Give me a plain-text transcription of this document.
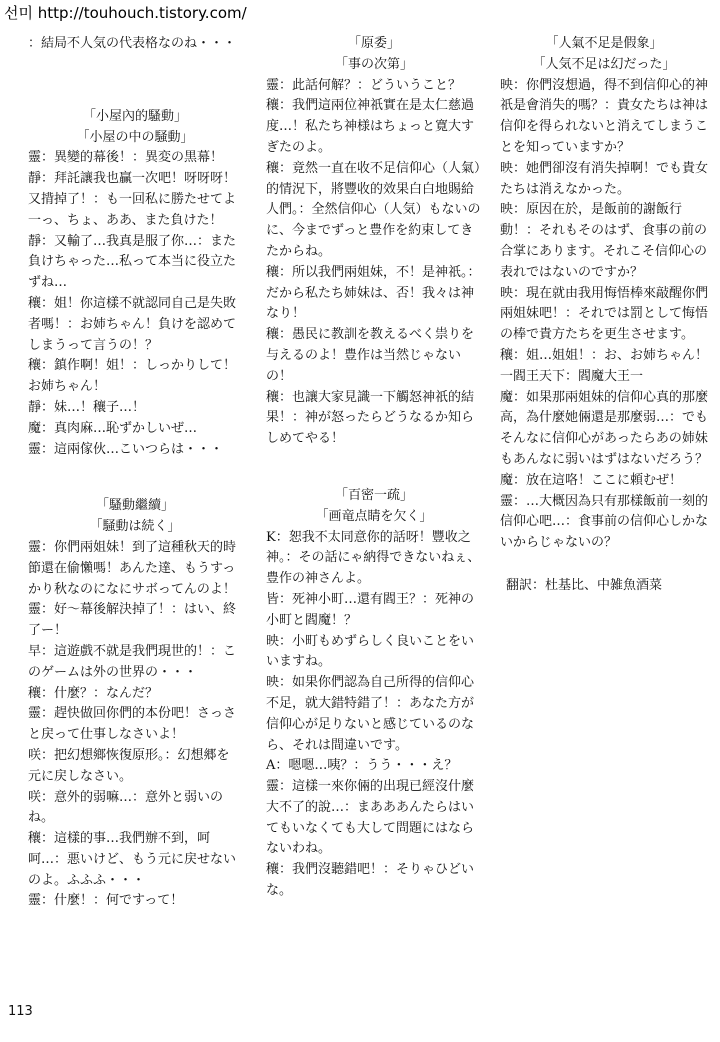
선미 http://touhouch.tistory.com/

：結局不人気の代表格なのね・・・

「小屋內的騷動」

「小屋の中の騒動」

靈：異變的幕後！：異変の黒幕！

靜：拜託讓我也贏一次吧！呀呀呀！又揹掉了！：も一回私に勝たせてよ一っ、ちょ、ああ、また負けた！

靜：又輸了…我真是服了你…：また負けちゃった…私って本当に役立たずね…

穰：姐！你這樣不就認同自己是失敗者嗎！：お姉ちゃん！負けを認めてしまうって言うの！？

穰：鎮作啊！姐！：しっかりして！お姉ちゃん！

靜：妹…！穰子…！

魔：真肉麻…恥ずかしいぜ…

靈：這兩傢伙…こいつらは・・・

「騷動繼續」

「騒動は続く」

靈：你們兩姐妹！到了這種秋天的時節還在偷懶嗎！あんた達、もうすっかり秋なのになにサボってんのよ！

靈：好～幕後解決掉了！：はい、終了ー！

早：這遊戲不就是我們現世的！：このゲームは外の世界の・・・

穰：什麼？：なんだ？

靈：趕快做回你們的本份吧！さっさと戻って仕事しなさいよ！

咲：把幻想鄉恢復原形。：幻想郷を元に戻しなさい。

咲：意外的弱嘛…：意外と弱いのね。

穰：這樣的事…我們辦不到，呵呵…：悪いけど、もう元に戻せないのよ。ふふふ・・・

靈：什麼！：何ですって！

「原委」

「事の次第」

靈：此話何解？：どういうこと？

穰：我們這兩位神祇實在是太仁慈過度…！私たち神様はちょっと寛大すぎたのよ。

穰：竟然一直在收不足信仰心（人氣）的情況下，將豐收的效果白白地賜給人們。：全然信仰心（人気）もないのに、今までずっと豊作を約束してきたからね。

穰：所以我們兩姐妹，不！是神祇。：だから私たち姉妹は、否！我々は神なり！

穰：愚民に教訓を教えるべく祟りを与えるのよ！豊作は当然じゃないの！

穰：也讓大家見識一下觸怒神祇的結果！：神が怒ったらどうなるか知らしめてやる！

「百密一疏」

「画竜点睛を欠く」

K：恕我不太同意你的話呀！豐收之神。：その話にゃ納得できないねぇ、豊作の神さんよ。

皆：死神小町…還有閻王？：死神の小町と閻魔！？

映：小町もめずらしく良いことをいいますね。

映：如果你們認為自己所得的信仰心不足，就大錯特錯了！：あなた方が信仰心が足りないと感じているのなら、それは間違いです。

A：嗯嗯…咦？：うう・・・え？

靈：這樣一來你倆的出現已經沒什麼大不了的說…：まあああんたらはいてもいなくても大して問題にはならないわね。

穰：我們沒聽錯吧！：そりゃひどいな。

「人氣不足是假象」

「人気不足は幻だった」

映：你們沒想過，得不到信仰心的神祇是會消失的嗎？：貴女たちは神は信仰を得られないと消えてしまうことを知っていますか？

映：她們卻沒有消失掉啊！でも貴女たちは消えなかった。

映：原因在於，是飯前的謝飯行動！：それもそのはず、食事の前の合掌にあります。それこそ信仰心の表れではないのですか？

映：現在就由我用悔悟棒來敲醒你們兩姐妹吧！：それでは罰として悔悟の棒で貴方たちを更生させます。

穰：姐…姐姐！：お、お姉ちゃん！

一閻王天下：閻魔大王一

魔：如果那兩姐妹的信仰心真的那麼高，為什麼她倆還是那麼弱…：でもそんなに信仰心があったらあの姉妹もあんなに弱いはずはないだろう？

魔：放在這咯！ここに頼むぜ！

靈：…大概因為只有那樣飯前一刻的信仰心吧…：食事前の信仰心しかないからじゃないの？

翻訳：杜基比、中雑魚酒菜

113
